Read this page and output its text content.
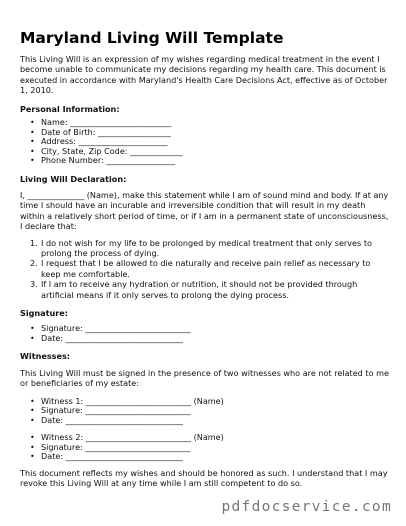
Maryland Living Will Template

This Living Will is an expression of my wishes regarding medical treatment in the event I become unable to communicate my decisions regarding my health care. This document is executed in accordance with Maryland's Health Care Decisions Act, effective as of October 1, 2010.

Personal Information:
• Name: _________________________
• Date of Birth: __________________
• Address: ______________________
• City, State, Zip Code: _____________
• Phone Number: _________________
Living Will Declaration:

I, ______________ (Name), make this statement while I am of sound mind and body. If at any time I should have an incurable and irreversible condition that will result in my death within a relatively short period of time, or if I am in a permanent state of unconsciousness, I declare that:

1. I do not wish for my life to be prolonged by medical treatment that only serves to prolong the process of dying.
2. I request that I be allowed to die naturally and receive pain relief as necessary to keep me comfortable.
3. If I am to receive any hydration or nutrition, it should not be provided through artificial means if it only serves to prolong the dying process.
Signature:
• Signature: __________________________
• Date: _____________________________
Witnesses:

This Living Will must be signed in the presence of two witnesses who are not related to me or beneficiaries of my estate:

• Witness 1: __________________________ (Name)
• Signature: __________________________
• Date: _____________________________
• Witness 2: __________________________ (Name)
• Signature: __________________________
• Date: _____________________________

This document reflects my wishes and should be honored as such. I understand that I may revoke this Living Will at any time while I am still competent to do so.

pdfdocservice.com
